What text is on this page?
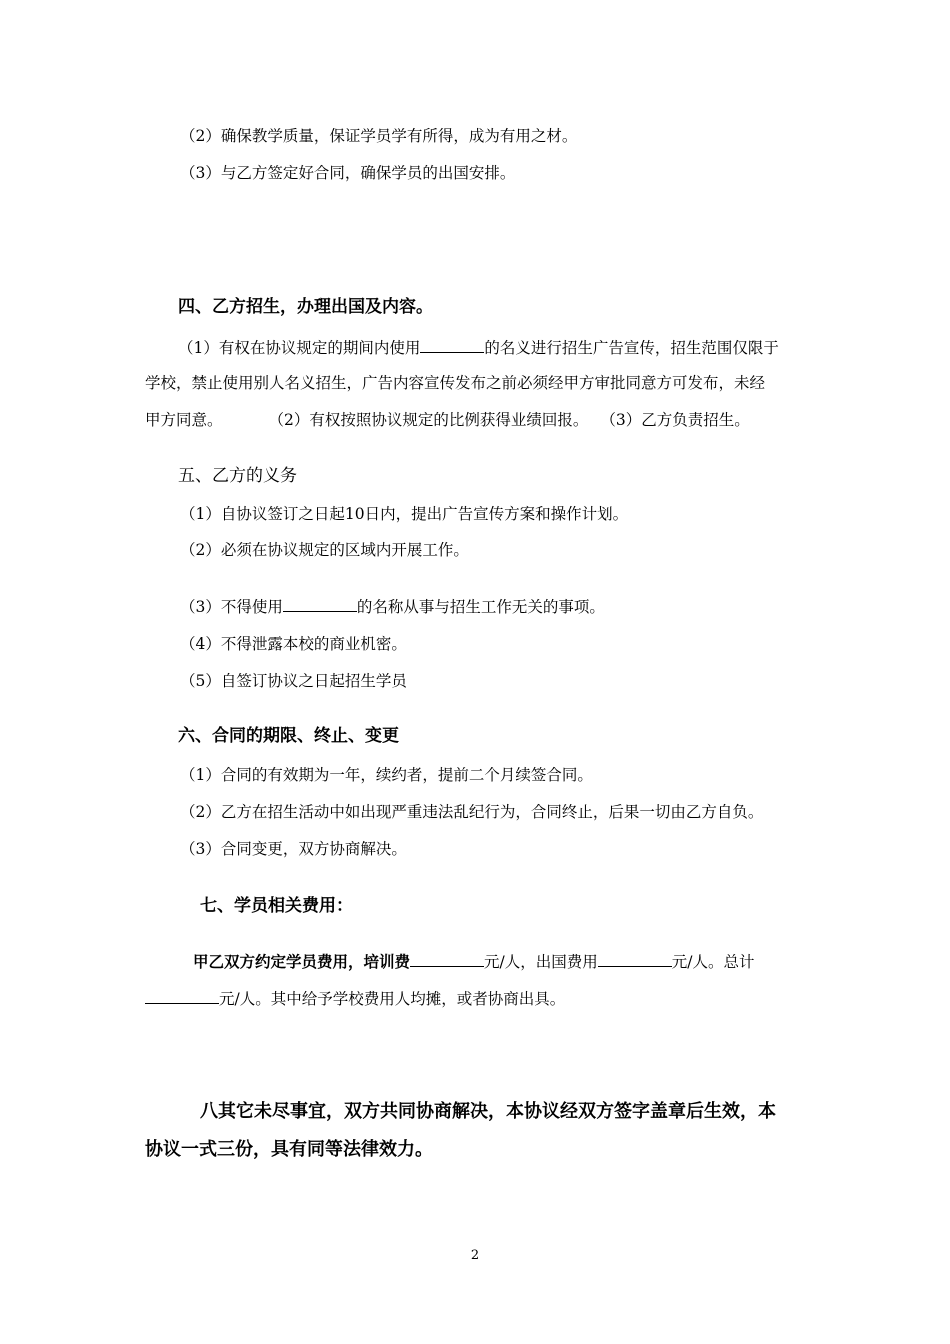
（2）确保教学质量，保证学员学有所得，成为有用之材。
（3）与乙方签定好合同，确保学员的出国安排。
四、乙方招生，办理出国及内容。
（1）有权在协议规定的期间内使用	的名义进行招生广告宣传，招生范围仅限于
学校，禁止使用别人名义招生，广告内容宣传发布之前必须经甲方审批同意方可发布，未经
甲方同意。	（2）有权按照协议规定的比例获得业绩回报。 （3）乙方负责招生。
五、乙方的义务
（1）自协议签订之日起10日内，提出广告宣传方案和操作计划。
（2）必须在协议规定的区域内开展工作。
（3）不得使用	的名称从事与招生工作无关的事项。
（4）不得泄露本校的商业机密。
（5）自签订协议之日起招生学员
六、合同的期限、终止、变更
（1）合同的有效期为一年，续约者，提前二个月续签合同。
（2）乙方在招生活动中如出现严重违法乱纪行为，合同终止，后果一切由乙方自负。
（3）合同变更，双方协商解决。
七、学员相关费用：
甲乙双方约定学员费用，培训费	元/人，出国费用	元/人。总计
元/人。其中给予学校费用人均摊，或者协商出具。
八其它未尽事宜，双方共同协商解决，本协议经双方签字盖章后生效，本
协议一式三份，具有同等法律效力。
2
